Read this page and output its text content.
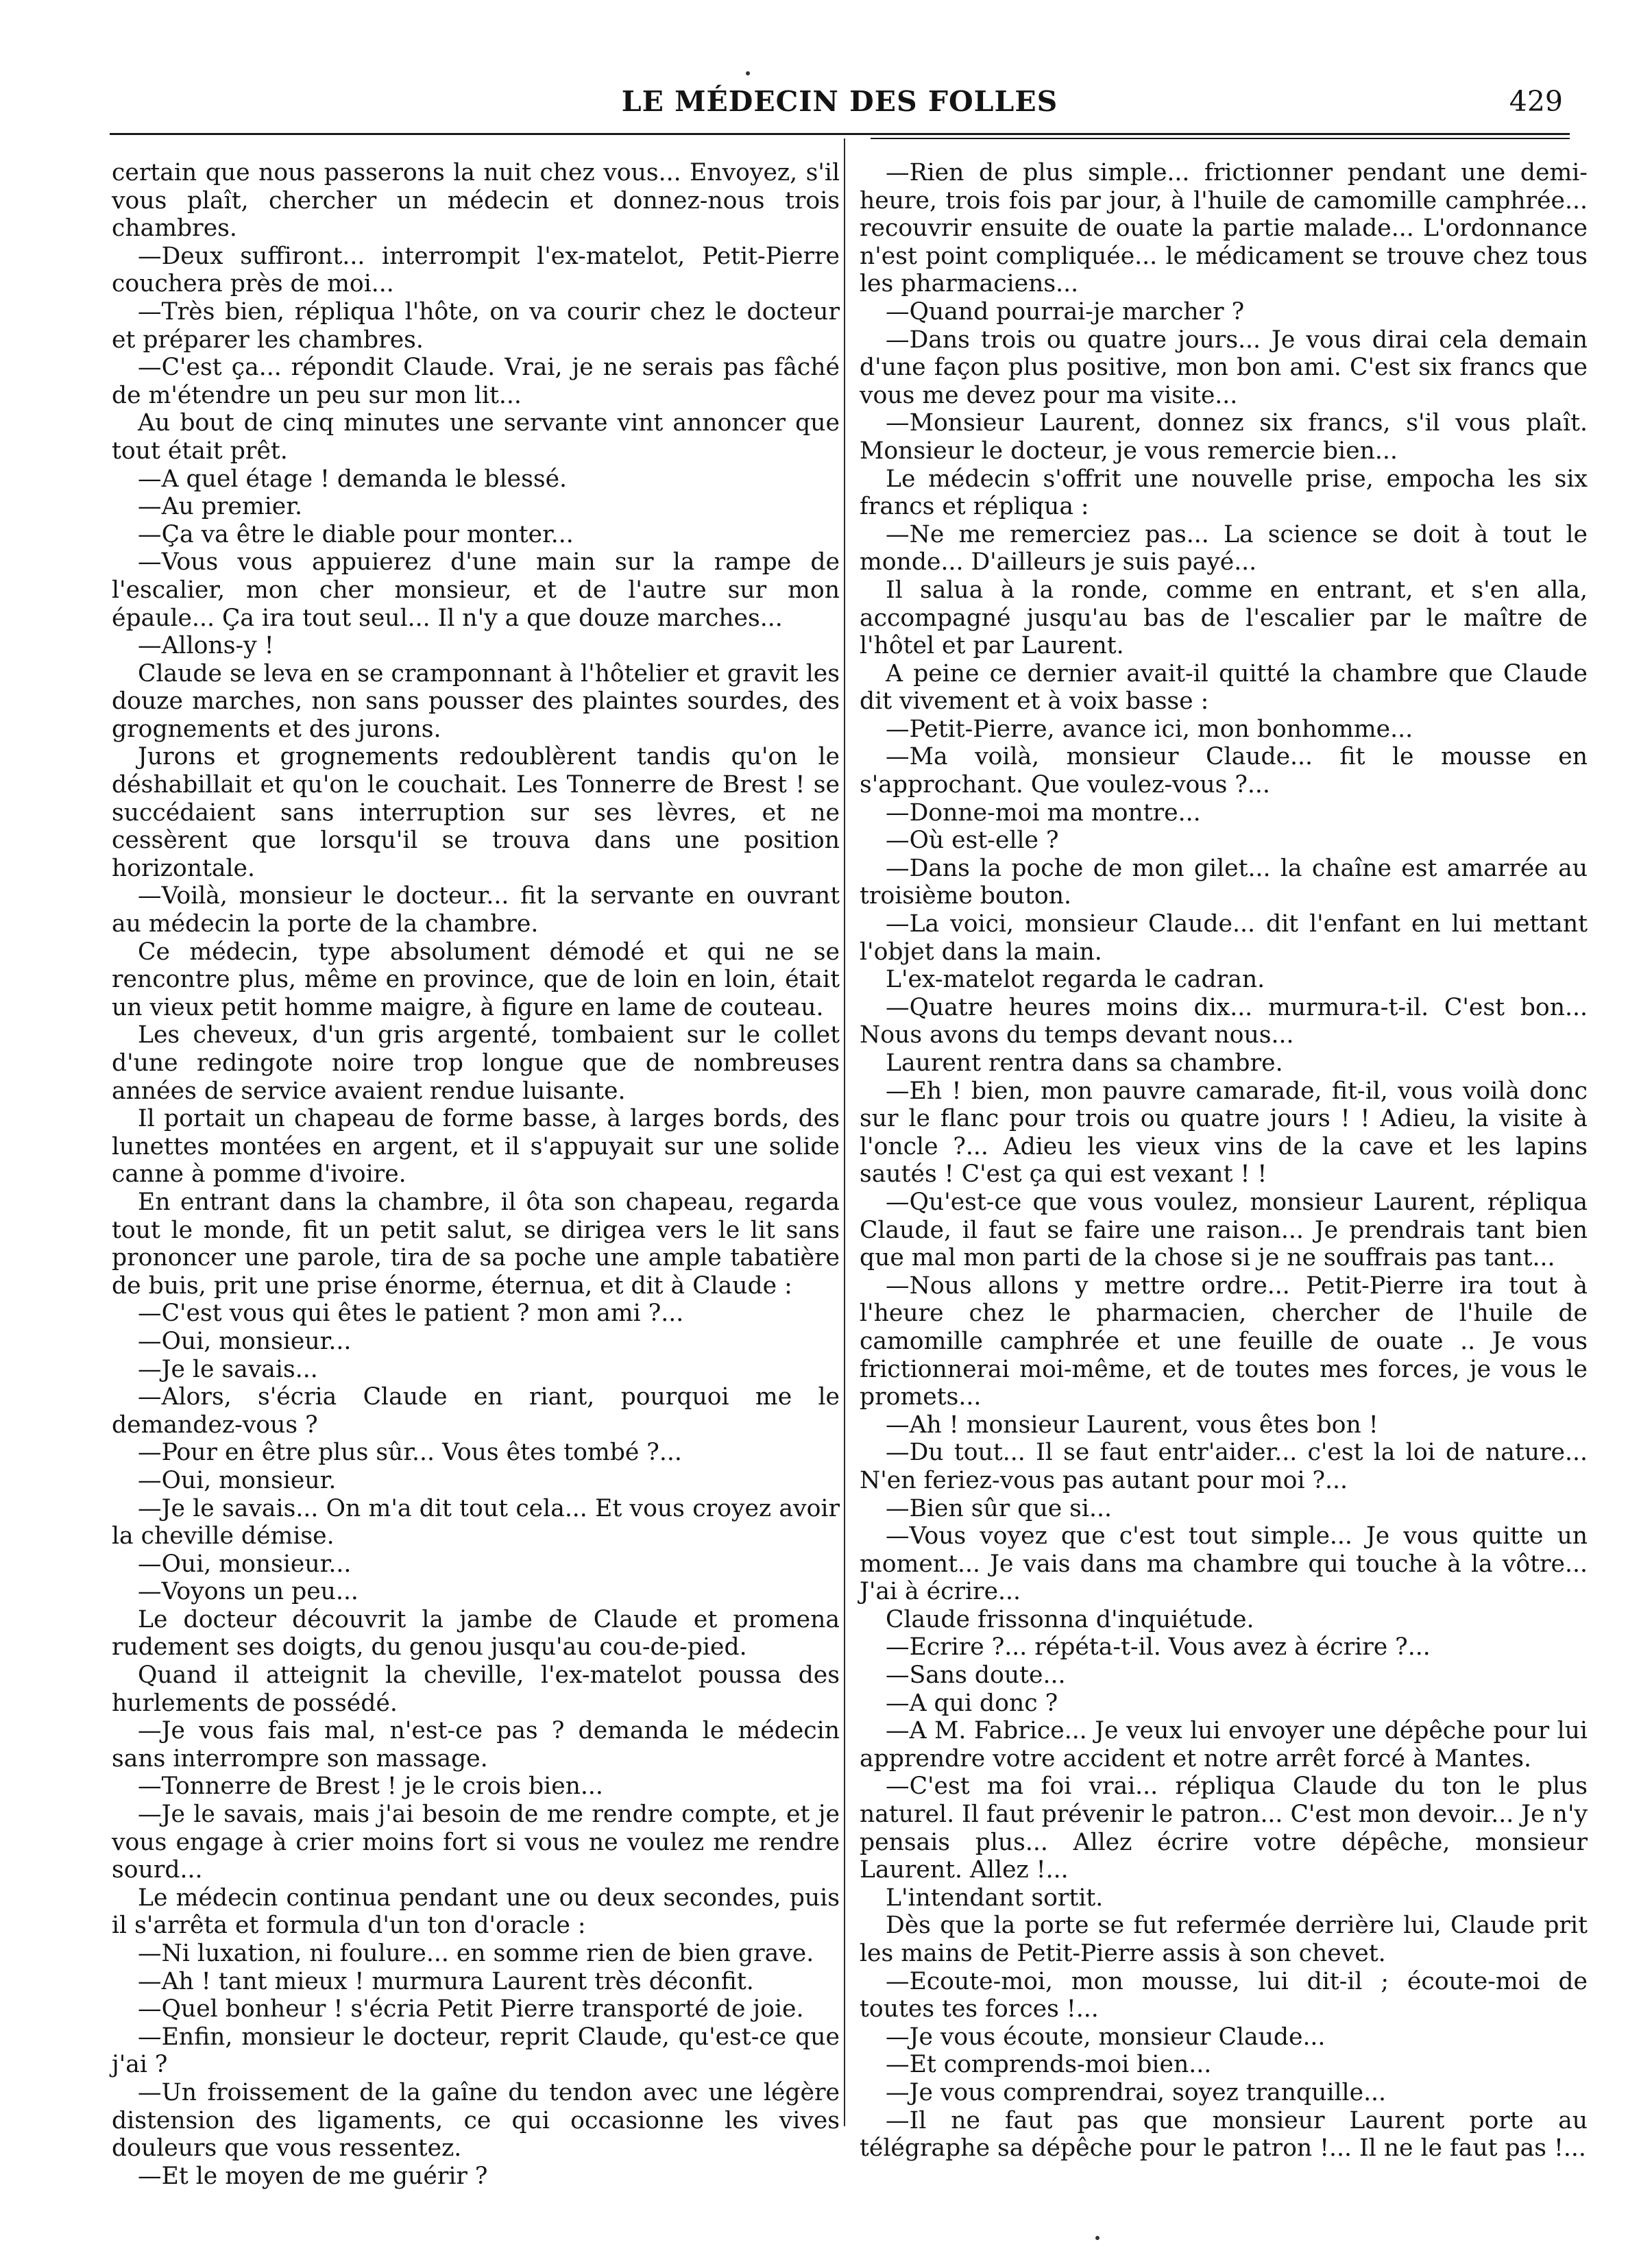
LE MÉDECIN DES FOLLES	429

certain que nous passerons la nuit chez vous... Envoyez, s'il vous plaît, chercher un médecin et donnez-nous trois chambres.

—Deux suffiront... interrompit l'ex-matelot, Petit-Pierre couchera près de moi...

—Très bien, répliqua l'hôte, on va courir chez le docteur et préparer les chambres.

—C'est ça... répondit Claude. Vrai, je ne serais pas fâché de m'étendre un peu sur mon lit...

Au bout de cinq minutes une servante vint annoncer que tout était prêt.

—A quel étage ! demanda le blessé.

—Au premier.

—Ça va être le diable pour monter...

—Vous vous appuierez d'une main sur la rampe de l'escalier, mon cher monsieur, et de l'autre sur mon épaule... Ça ira tout seul... Il n'y a que douze marches...

—Allons-y !

Claude se leva en se cramponnant à l'hôtelier et gravit les douze marches, non sans pousser des plaintes sourdes, des grognements et des jurons.

Jurons et grognements redoublèrent tandis qu'on le déshabillait et qu'on le couchait. Les Tonnerre de Brest ! se succédaient sans interruption sur ses lèvres, et ne cessèrent que lorsqu'il se trouva dans une position horizontale.

—Voilà, monsieur le docteur... fit la servante en ouvrant au médecin la porte de la chambre.

Ce médecin, type absolument démodé et qui ne se rencontre plus, même en province, que de loin en loin, était un vieux petit homme maigre, à figure en lame de couteau.

Les cheveux, d'un gris argenté, tombaient sur le collet d'une redingote noire trop longue que de nombreuses années de service avaient rendue luisante.

Il portait un chapeau de forme basse, à larges bords, des lunettes montées en argent, et il s'appuyait sur une solide canne à pomme d'ivoire.

En entrant dans la chambre, il ôta son chapeau, regarda tout le monde, fit un petit salut, se dirigea vers le lit sans prononcer une parole, tira de sa poche une ample tabatière de buis, prit une prise énorme, éternua, et dit à Claude :

—C'est vous qui êtes le patient ? mon ami ?...

—Oui, monsieur...

—Je le savais...

—Alors, s'écria Claude en riant, pourquoi me le demandez-vous ?

—Pour en être plus sûr... Vous êtes tombé ?...

—Oui, monsieur.

—Je le savais... On m'a dit tout cela... Et vous croyez avoir la cheville démise.

—Oui, monsieur...

—Voyons un peu...

Le docteur découvrit la jambe de Claude et promena rudement ses doigts, du genou jusqu'au cou-de-pied.

Quand il atteignit la cheville, l'ex-matelot poussa des hurlements de possédé.

—Je vous fais mal, n'est-ce pas ? demanda le médecin sans interrompre son massage.

—Tonnerre de Brest ! je le crois bien...

—Je le savais, mais j'ai besoin de me rendre compte, et je vous engage à crier moins fort si vous ne voulez me rendre sourd...

Le médecin continua pendant une ou deux secondes, puis il s'arrêta et formula d'un ton d'oracle :

—Ni luxation, ni foulure... en somme rien de bien grave.

—Ah ! tant mieux ! murmura Laurent très déconfit.

—Quel bonheur ! s'écria Petit Pierre transporté de joie.

—Enfin, monsieur le docteur, reprit Claude, qu'est-ce que j'ai ?

—Un froissement de la gaîne du tendon avec une légère distension des ligaments, ce qui occasionne les vives douleurs que vous ressentez.

—Et le moyen de me guérir ?

—Rien de plus simple... frictionner pendant une demi-heure, trois fois par jour, à l'huile de camomille camphrée... recouvrir ensuite de ouate la partie malade... L'ordonnance n'est point compliquée... le médicament se trouve chez tous les pharmaciens...

—Quand pourrai-je marcher ?

—Dans trois ou quatre jours... Je vous dirai cela demain d'une façon plus positive, mon bon ami. C'est six francs que vous me devez pour ma visite...

—Monsieur Laurent, donnez six francs, s'il vous plaît. Monsieur le docteur, je vous remercie bien...

Le médecin s'offrit une nouvelle prise, empocha les six francs et répliqua :

—Ne me remerciez pas... La science se doit à tout le monde... D'ailleurs je suis payé...

Il salua à la ronde, comme en entrant, et s'en alla, accompagné jusqu'au bas de l'escalier par le maître de l'hôtel et par Laurent.

A peine ce dernier avait-il quitté la chambre que Claude dit vivement et à voix basse :

—Petit-Pierre, avance ici, mon bonhomme...

—Ma voilà, monsieur Claude... fit le mousse en s'approchant. Que voulez-vous ?...

—Donne-moi ma montre...

—Où est-elle ?

—Dans la poche de mon gilet... la chaîne est amarrée au troisième bouton.

—La voici, monsieur Claude... dit l'enfant en lui mettant l'objet dans la main.

L'ex-matelot regarda le cadran.

—Quatre heures moins dix... murmura-t-il. C'est bon... Nous avons du temps devant nous...

Laurent rentra dans sa chambre.

—Eh ! bien, mon pauvre camarade, fit-il, vous voilà donc sur le flanc pour trois ou quatre jours ! ! Adieu, la visite à l'oncle ?... Adieu les vieux vins de la cave et les lapins sautés ! C'est ça qui est vexant ! !

—Qu'est-ce que vous voulez, monsieur Laurent, répliqua Claude, il faut se faire une raison... Je prendrais tant bien que mal mon parti de la chose si je ne souffrais pas tant...

—Nous allons y mettre ordre... Petit-Pierre ira tout à l'heure chez le pharmacien, chercher de l'huile de camomille camphrée et une feuille de ouate .. Je vous frictionnerai moi-même, et de toutes mes forces, je vous le promets...

—Ah ! monsieur Laurent, vous êtes bon !

—Du tout... Il se faut entr'aider... c'est la loi de nature... N'en feriez-vous pas autant pour moi ?...

—Bien sûr que si...

—Vous voyez que c'est tout simple... Je vous quitte un moment... Je vais dans ma chambre qui touche à la vôtre... J'ai à écrire...

Claude frissonna d'inquiétude.

—Ecrire ?... répéta-t-il. Vous avez à écrire ?...

—Sans doute...

—A qui donc ?

—A M. Fabrice... Je veux lui envoyer une dépêche pour lui apprendre votre accident et notre arrêt forcé à Mantes.

—C'est ma foi vrai... répliqua Claude du ton le plus naturel. Il faut prévenir le patron... C'est mon devoir... Je n'y pensais plus... Allez écrire votre dépêche, monsieur Laurent. Allez !...

L'intendant sortit.

Dès que la porte se fut refermée derrière lui, Claude prit les mains de Petit-Pierre assis à son chevet.

—Ecoute-moi, mon mousse, lui dit-il ; écoute-moi de toutes tes forces !...

—Je vous écoute, monsieur Claude...

—Et comprends-moi bien...

—Je vous comprendrai, soyez tranquille...

—Il ne faut pas que monsieur Laurent porte au télégraphe sa dépêche pour le patron !... Il ne le faut pas !...
